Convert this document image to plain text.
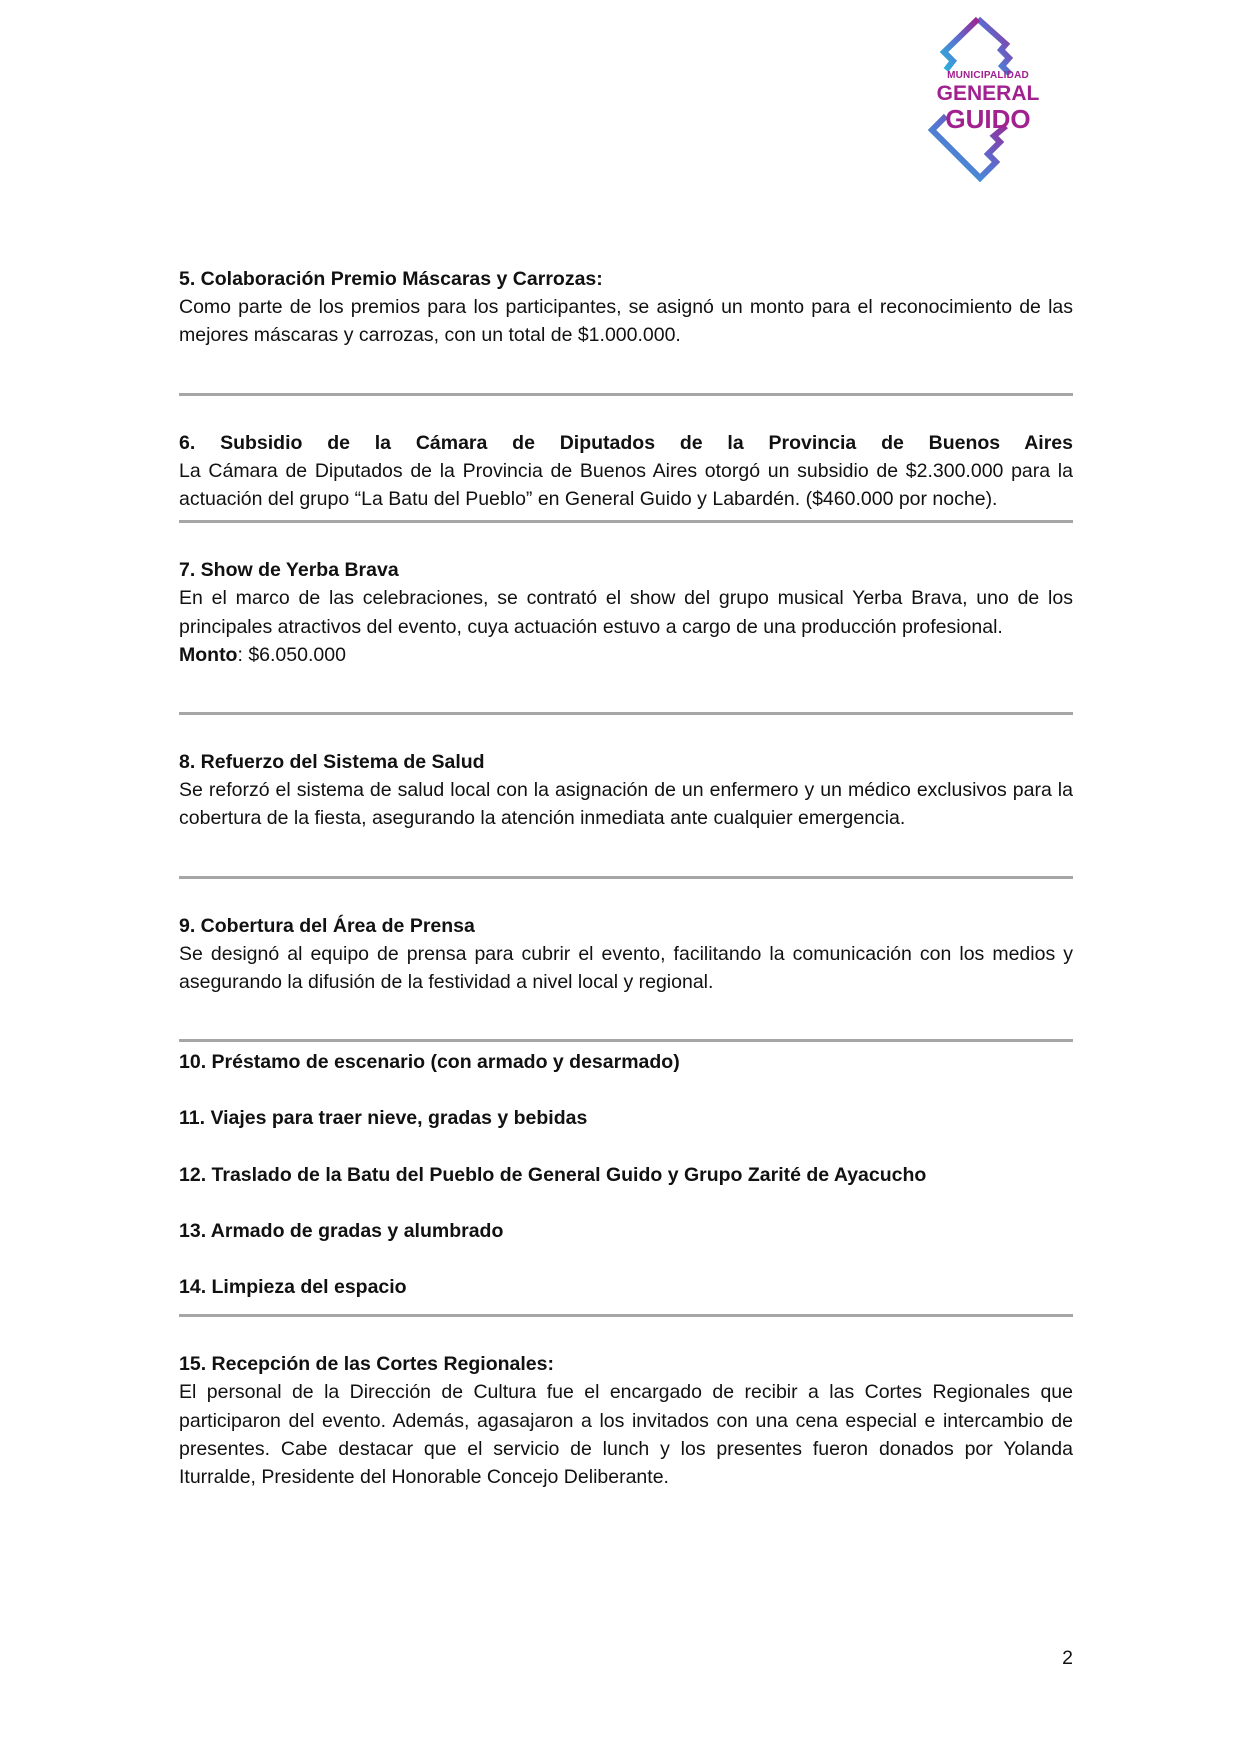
MUNICIPALIDAD
GENERAL
GUIDO
5. Colaboración Premio Máscaras y Carrozas:
Como parte de los premios para los participantes, se asignó un monto para el reconocimiento de las mejores máscaras y carrozas, con un total de $1.000.000.
6. Subsidio de la Cámara de Diputados de la Provincia de Buenos Aires
La Cámara de Diputados de la Provincia de Buenos Aires otorgó un subsidio de $2.300.000 para la actuación del grupo “La Batu del Pueblo” en General Guido y Labardén. ($460.000 por noche).
7. Show de Yerba Brava
En el marco de las celebraciones, se contrató el show del grupo musical Yerba Brava, uno de los principales atractivos del evento, cuya actuación estuvo a cargo de una producción profesional.
Monto: $6.050.000
8. Refuerzo del Sistema de Salud
Se reforzó el sistema de salud local con la asignación de un enfermero y un médico exclusivos para la cobertura de la fiesta, asegurando la atención inmediata ante cualquier emergencia.
9. Cobertura del Área de Prensa
Se designó al equipo de prensa para cubrir el evento, facilitando la comunicación con los medios y asegurando la difusión de la festividad a nivel local y regional.
10. Préstamo de escenario (con armado y desarmado)
11. Viajes para traer nieve, gradas y bebidas
12. Traslado de la Batu del Pueblo de General Guido y Grupo Zarité de Ayacucho
13. Armado de gradas y alumbrado
14. Limpieza del espacio
15. Recepción de las Cortes Regionales:
El personal de la Dirección de Cultura fue el encargado de recibir a las Cortes Regionales que participaron del evento. Además, agasajaron a los invitados con una cena especial e intercambio de presentes. Cabe destacar que el servicio de lunch y los presentes fueron donados por Yolanda Iturralde, Presidente del Honorable Concejo Deliberante.
2
